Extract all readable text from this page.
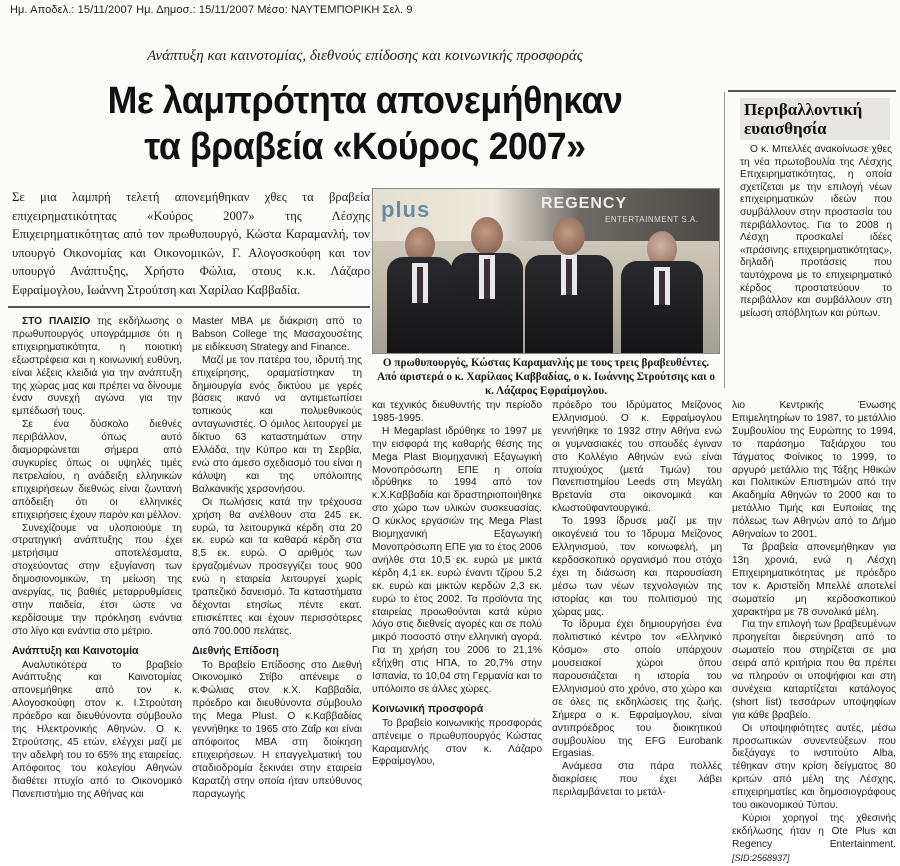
Ημ. Αποδελ.: 15/11/2007 Ημ. Δημοσ.: 15/11/2007 Μέσο: ΝΑΥΤΕΜΠΟΡΙΚΗ Σελ. 9
Ανάπτυξη και καινοτομίας, διεθνούς επίδοσης και κοινωνικής προσφοράς
Με λαμπρότητα απονεμήθηκαν
τα βραβεία «Κούρος 2007»
Σε μια λαμπρή τελετή απονεμήθηκαν χθες τα βραβεία επιχειρηματικότητας «Κούρος 2007» της Λέσχης Επιχειρηματικότητας από τον πρωθυπουργό, Κώστα Καραμανλή, τον υπουργό Οικονομίας και Οικονομικών, Γ. Αλογοσκούφη και τον υπουργό Ανάπτυξης, Χρήστο Φώλια, στους κ.κ. Λάζαρο Εφραίμογλου, Ιωάννη Στρούτση και Χαρίλαο Καββαδία.
plus	REGENCY
ENTERTAINMENT S.A.
Ο πρωθυπουργός, Κώστας Καραμανλής με τους τρεις βραβευθέντες. Από αριστερά ο κ. Χαρίλαος Καββαδίας, ο κ. Ιωάννης Στρούτσης και ο κ. Λάζαρος Εφραίμογλου.

ΣΤΟ ΠΛΑΙΣΙΟ της εκδήλωσης ο πρωθυπουργός υπογράμμισε ότι η επιχειρηματικότητα, η ποιοτική εξωστρέφεια και η κοινωνική ευθύνη, είναι λέξεις κλειδιά για την ανάπτυξη της χώρας μας και πρέπει να δίνουμε έναν συνεχή αγώνα για την εμπέδωσή τους.

Σε ένα δύσκολο διεθνές περιβάλλον, όπως αυτό διαμορφώνεται σήμερα από συγκυρίες όπως οι υψηλές τιμές πετρελαίου, η ανάδειξη ελληνικών επιχειρήσεων διεθνώς είναι ζωντανή απόδειξη ότι οι ελληνικές επιχειρήσεις έχουν παρόν και μέλλον.

Συνεχίζουμε να υλοποιούμε τη στρατηγική ανάπτυξης που έχει μετρήσιμα αποτελέσματα, στοχεύοντας στην εξυγίανση των δημοσιονομικών, τη μείωση της ανεργίας, τις βαθιές μεταρρυθμίσεις στην παιδεία, έτσι ώστε να κερδίσουμε την πρόκληση ενάντια στο λίγο και ενάντια στο μέτριο.

Ανάπτυξη και Καινοτομία

Αναλυτικότερα το βραβείο Ανάπτυξης και Καινοτομίας απονεμήθηκε από τον κ. Αλογοσκούφη στον κ. Ι.Στρούτση πρόεδρο και διευθύνοντα σύμβουλο της Ηλεκτρονικής Αθηνών. Ο κ. Στρούτσης, 45 ετών, ελέγχει μαζί με την αδελφή του το 65% της εταιρείας. Απόφοιτος του κολεγίου Αθηνών διαθέτει πτυχίο από το Οικονομικό Πανεπιστήμιο της Αθήνας και

Master MBA με διάκριση από το Babson College της Μασαχουσέτης με ειδίκευση Strategy and Finance.

Μαζί με τον πατέρα του, ιδρυτή της επιχείρησης, οραματίστηκαν τη δημιουργία ενός δικτύου με γερές βάσεις ικανό να αντιμετωπίσει τοπικούς και πολυεθνικούς ανταγωνιστές. Ο όμιλος λειτουργεί με δίκτυο 63 καταστημάτων στην Ελλάδα, την Κύπρο και τη Σερβία, ενώ στο άμεσο σχεδιασμό του είναι η κάλυψη και της υπόλοιπης Βαλκανικής χερσονήσου.

Οι πωλήσεις κατά την τρέχουσα χρήση θα ανέλθουν στα 245 εκ. ευρώ, τα λειτουργικά κέρδη στα 20 εκ. ευρώ και τα καθαρά κέρδη στα 8,5 εκ. ευρώ. Ο αριθμός των εργαζομένων προσεγγίζει τους 900 ενώ η εταιρεία λειτουργεί χωρίς τραπεζικό δανεισμό. Τα καταστήματα δέχονται ετησίως πέντε εκατ. επισκέπτες και έχουν περισσότερες από 700.000 πελάτες.

Διεθνής Επίδοση

Το Βραβείο Επίδοσης στο Διεθνή Οικονομικό Στίβο απένειμε ο κ.Φώλιας στον κ.Χ. Καββαδία, πρόεδρο και διευθύνοντα σύμβουλο της Mega Plust. Ο κ.Καββαδίας γεννήθηκε το 1965 στο Ζαΐρ και είναι απόφοιτος MBA στη διοίκηση επιχειρήσεων. Η επαγγελματική του σταδιοδρομία ξεκινάει στην εταιρεία Καρατζή στην οποία ήταν υπεύθυνος παραγωγής

και τεχνικός διευθυντής την περίοδο 1985-1995.

Η Megaplast ιδρύθηκε το 1997 με την εισφορά της καθαρής θέσης της Mega Plast Βιομηχανική Εξαγωγική Μονοπρόσωπη ΕΠΕ η οποία ιδρύθηκε το 1994 από τον κ.Χ.Καββαδία και δραστηριοποιήθηκε στο χώρο των υλικών συσκευασίας. Ο κύκλος εργασιών της Mega Plast Βιομηχανική Εξαγωγική Μονοπρόσωπη ΕΠΕ για το έτος 2006 ανήλθε στα 10,5 εκ. ευρώ με μικτά κέρδη 4,1 εκ. ευρώ έναντι τζίρου 5,2 εκ. ευρώ και μικτών κερδών 2,3 εκ. ευρώ το έτος 2002. Τα προϊόντα της εταιρείας προωθούνται κατά κύριο λόγο στις διεθνείς αγορές και σε πολύ μικρό ποσοστό στην ελληνική αγορά. Για τη χρήση του 2006 το 21,1% εξήχθη στις ΗΠΑ, το 20,7% στην Ισπανία, το 10,04 στη Γερμανία και το υπόλοιπο σε άλλες χώρες.

Κοινωνική προσφορά

Το βραβείο κοινωνικής προσφοράς απένειμε ο πρωθυπουργός Κώστας Καραμανλής στον κ. Λάζαρο Εφραίμογλου,

πρόεδρο του Ιδρύματος Μείζονος Ελληνισμού. Ο κ. Εφραίμογλου γεννήθηκε το 1932 στην Αθήνα ενώ οι γυμνασιακές του σπουδές έγιναν στο Κολλέγιο Αθηνών ενώ είναι πτυχιούχος (μετά Τιμών) του Πανεπιστημίου Leeds στη Μεγάλη Βρετανία στα οικονομικά και κλωστοϋφαντουργικά.

Το 1993 ίδρυσε μαζί με την οικογένειά του το Ίδρυμα Μείζονος Ελληνισμού, τον κοινωφελή, μη κερδοσκοπικό οργανισμό που στόχο έχει τη διάσωση και παρουσίαση μέσω των νέων τεχνολογιών της ιστορίας και του πολιτισμού της χώρας μας.

Το ίδρυμα έχει δημιουργήσει ένα πολιτιστικό κέντρο τον «Ελληνικό Κόσμο» στο οποίο υπάρχουν μουσειακοί χώροι όπου παρουσιάζεται η ιστορία του Ελληνισμού στο χρόνο, στο χώρο και σε όλες τις εκδηλώσεις της ζωής. Σήμερα ο κ. Εφραίμογλου, είναι αντιπρόεδρος του διοικητικού συμβουλίου της EFG Eurobank Ergasias.

Ανάμεσα στα πάρα πολλές διακρίσεις που έχει λάβει περιλαμβάνεται το μετάλ-

λιο Κεντρικής Ένωσης Επιμελητηρίων το 1987, το μετάλλιο Συμβουλίου της Ευρώπης το 1994, το παράσημο Ταξιάρχου του Τάγματος Φοίνικος το 1999, το αργυρό μετάλλιο της Τάξης Ηθικών και Πολιτικών Επιστημών από την Ακαδημία Αθηνών το 2000 και το μετάλλιο Τιμής και Ευποιίας της πόλεως των Αθηνών από το Δήμο Αθηναίων το 2001.

Τα βραβεία απονεμήθηκαν για 13η χρονιά, ενώ η Λέσχη Επιχειρηματικότητας με πρόεδρο τον κ. Αριστείδη Μπελλέ αποτελεί σωματείο μη κερδοσκοπικού χαρακτήρα με 78 συνολικά μέλη.

Για την επιλογή των βραβευμένων προηγείται διερεύνηση από το σωματείο που στηρίζεται σε μια σειρά από κριτήρια που θα πρέπει να πληρούν οι υποψήφιοι και στη συνέχεια καταρτίζεται κατάλογος (short list) τεσσάρων υποψηφίων για κάθε βραβείο.

Οι υποψηφιότητες αυτές, μέσω προσωπικών συνεντεύξεων που διεξάγαγε το ινστιτούτο Alba, τέθηκαν στην κρίση δείγματος 80 κριτών από μέλη της Λέσχης, επιχειρηματίες και δημοσιογράφους του οικονομικού Τύπου.

Κύριοι χορηγοί της χθεσινής εκδήλωσης ήταν η Ote Plus και Regency Entertainment. [SID:2568937]

Περιβαλλοντική ευαισθησία

Ο κ. Μπελλές ανακοίνωσε χθες τη νέα πρωτοβουλία της Λέσχης Επιχειρηματικότητας, η οποία σχετίζεται με την επιλογή νέων επιχειρηματικών ιδεών που συμβάλλουν στην προστασία του περιβάλλοντος. Για το 2008 η Λέσχη προσκαλεί ιδέες «πράσινης επιχειρηματικότητας», δηλαδή προτάσεις που ταυτόχρονα με το επιχειρηματικό κέρδος προστατεύουν το περιβάλλον και συμβάλλουν στη μείωση απόβλητων και ρύπων.
